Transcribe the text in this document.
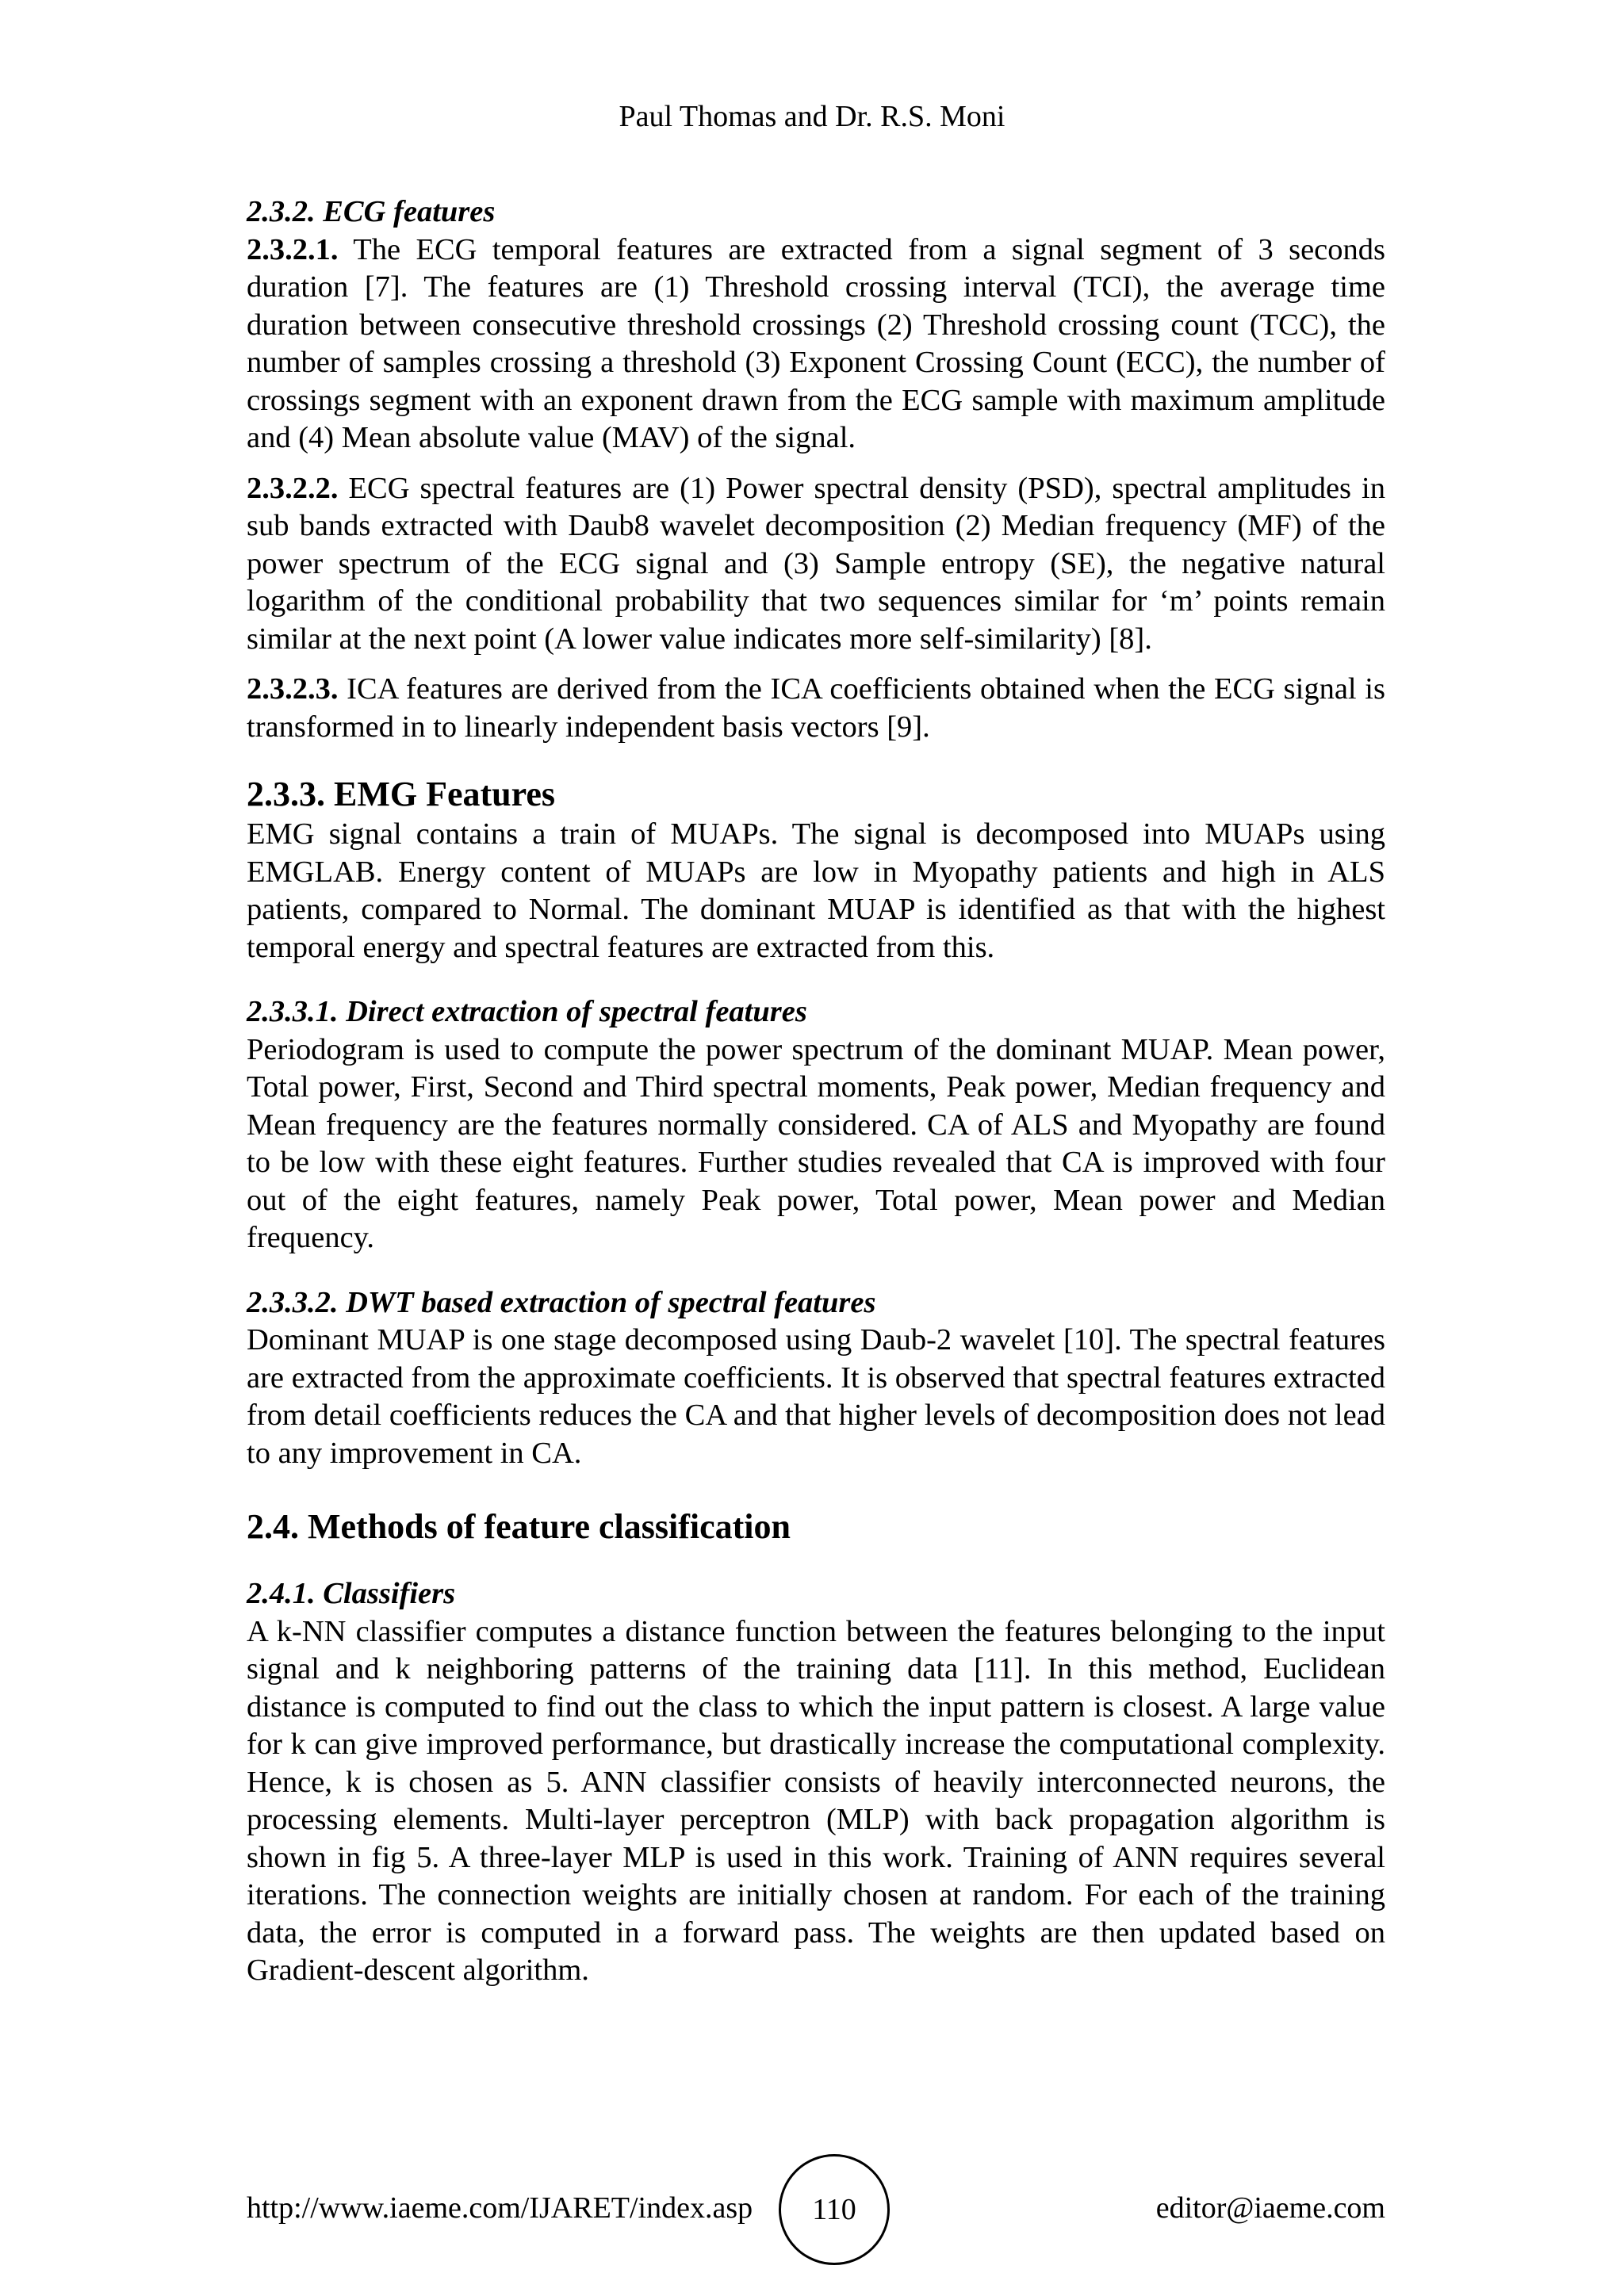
Paul Thomas and Dr. R.S. Moni
2.3.2. ECG features

2.3.2.1. The ECG temporal features are extracted from a signal segment of 3 seconds duration [7]. The features are (1) Threshold crossing interval (TCI), the average time duration between consecutive threshold crossings (2) Threshold crossing count (TCC), the number of samples crossing a threshold (3) Exponent Crossing Count (ECC), the number of crossings segment with an exponent drawn from the ECG sample with maximum amplitude and (4) Mean absolute value (MAV) of the signal.

2.3.2.2. ECG spectral features are (1) Power spectral density (PSD), spectral amplitudes in sub bands extracted with Daub8 wavelet decomposition (2) Median frequency (MF) of the power spectrum of the ECG signal and (3) Sample entropy (SE), the negative natural logarithm of the conditional probability that two sequences similar for ‘m’ points remain similar at the next point (A lower value indicates more self-similarity) [8].

2.3.2.3. ICA features are derived from the ICA coefficients obtained when the ECG signal is transformed in to linearly independent basis vectors [9].

2.3.3. EMG Features

EMG signal contains a train of MUAPs. The signal is decomposed into MUAPs using EMGLAB. Energy content of MUAPs are low in Myopathy patients and high in ALS patients, compared to Normal. The dominant MUAP is identified as that with the highest temporal energy and spectral features are extracted from this.

2.3.3.1. Direct extraction of spectral features

Periodogram is used to compute the power spectrum of the dominant MUAP. Mean power, Total power, First, Second and Third spectral moments, Peak power, Median frequency and Mean frequency are the features normally considered. CA of ALS and Myopathy are found to be low with these eight features. Further studies revealed that CA is improved with four out of the eight features, namely Peak power, Total power, Mean power and Median frequency.

2.3.3.2. DWT based extraction of spectral features

Dominant MUAP is one stage decomposed using Daub-2 wavelet [10]. The spectral features are extracted from the approximate coefficients. It is observed that spectral features extracted from detail coefficients reduces the CA and that higher levels of decomposition does not lead to any improvement in CA.

2.4. Methods of feature classification
2.4.1. Classifiers

A k-NN classifier computes a distance function between the features belonging to the input signal and k neighboring patterns of the training data [11]. In this method, Euclidean distance is computed to find out the class to which the input pattern is closest. A large value for k can give improved performance, but drastically increase the computational complexity. Hence, k is chosen as 5. ANN classifier consists of heavily interconnected neurons, the processing elements. Multi-layer perceptron (MLP) with back propagation algorithm is shown in fig 5. A three-layer MLP is used in this work. Training of ANN requires several iterations. The connection weights are initially chosen at random. For each of the training data, the error is computed in a forward pass. The weights are then updated based on Gradient-descent algorithm.

http://www.iaeme.com/IJARET/index.asp	110	editor@iaeme.com
